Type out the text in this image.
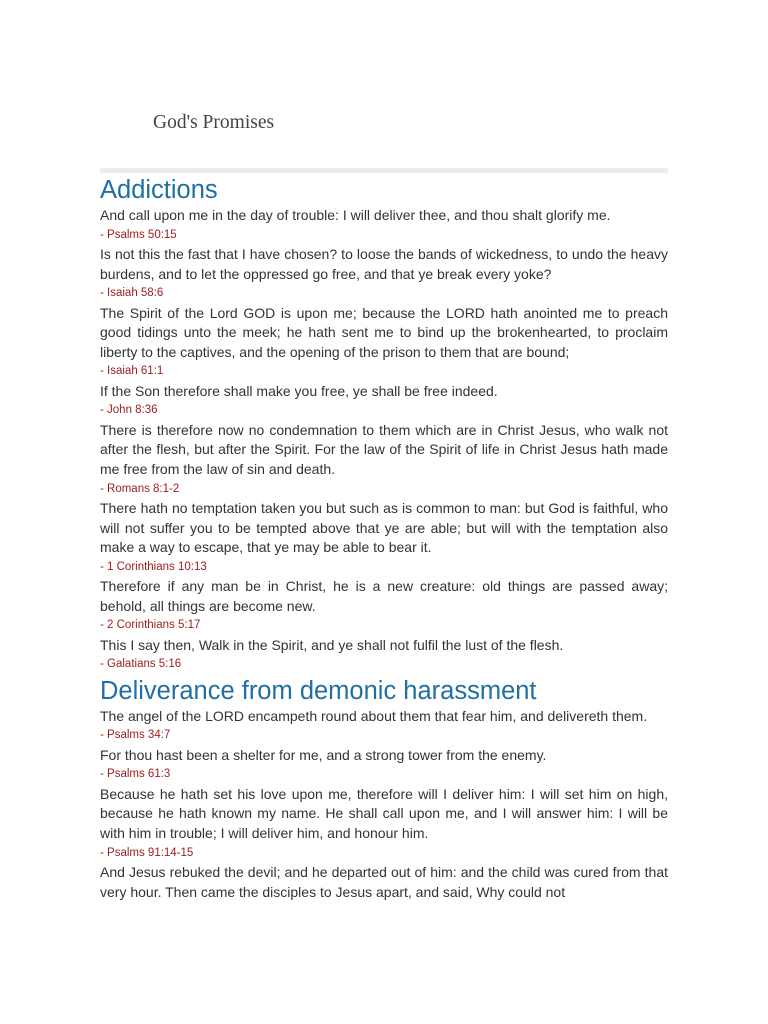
God's Promises
Addictions

And call upon me in the day of trouble: I will deliver thee, and thou shalt glorify me.

- Psalms 50:15

Is not this the fast that I have chosen? to loose the bands of wickedness, to undo the heavy burdens, and to let the oppressed go free, and that ye break every yoke?

- Isaiah 58:6

The Spirit of the Lord GOD is upon me; because the LORD hath anointed me to preach good tidings unto the meek; he hath sent me to bind up the brokenhearted, to proclaim liberty to the captives, and the opening of the prison to them that are bound;

- Isaiah 61:1

If the Son therefore shall make you free, ye shall be free indeed.

- John 8:36

There is therefore now no condemnation to them which are in Christ Jesus, who walk not after the flesh, but after the Spirit. For the law of the Spirit of life in Christ Jesus hath made me free from the law of sin and death.

- Romans 8:1-2

There hath no temptation taken you but such as is common to man: but God is faithful, who will not suffer you to be tempted above that ye are able; but will with the temptation also make a way to escape, that ye may be able to bear it.

- 1 Corinthians 10:13

Therefore if any man be in Christ, he is a new creature: old things are passed away; behold, all things are become new.

- 2 Corinthians 5:17

This I say then, Walk in the Spirit, and ye shall not fulfil the lust of the flesh.

- Galatians 5:16

Deliverance from demonic harassment

The angel of the LORD encampeth round about them that fear him, and delivereth them.

- Psalms 34:7

For thou hast been a shelter for me, and a strong tower from the enemy.

- Psalms 61:3

Because he hath set his love upon me, therefore will I deliver him: I will set him on high, because he hath known my name. He shall call upon me, and I will answer him: I will be with him in trouble; I will deliver him, and honour him.

- Psalms 91:14-15

And Jesus rebuked the devil; and he departed out of him: and the child was cured from that very hour. Then came the disciples to Jesus apart, and said, Why could not
